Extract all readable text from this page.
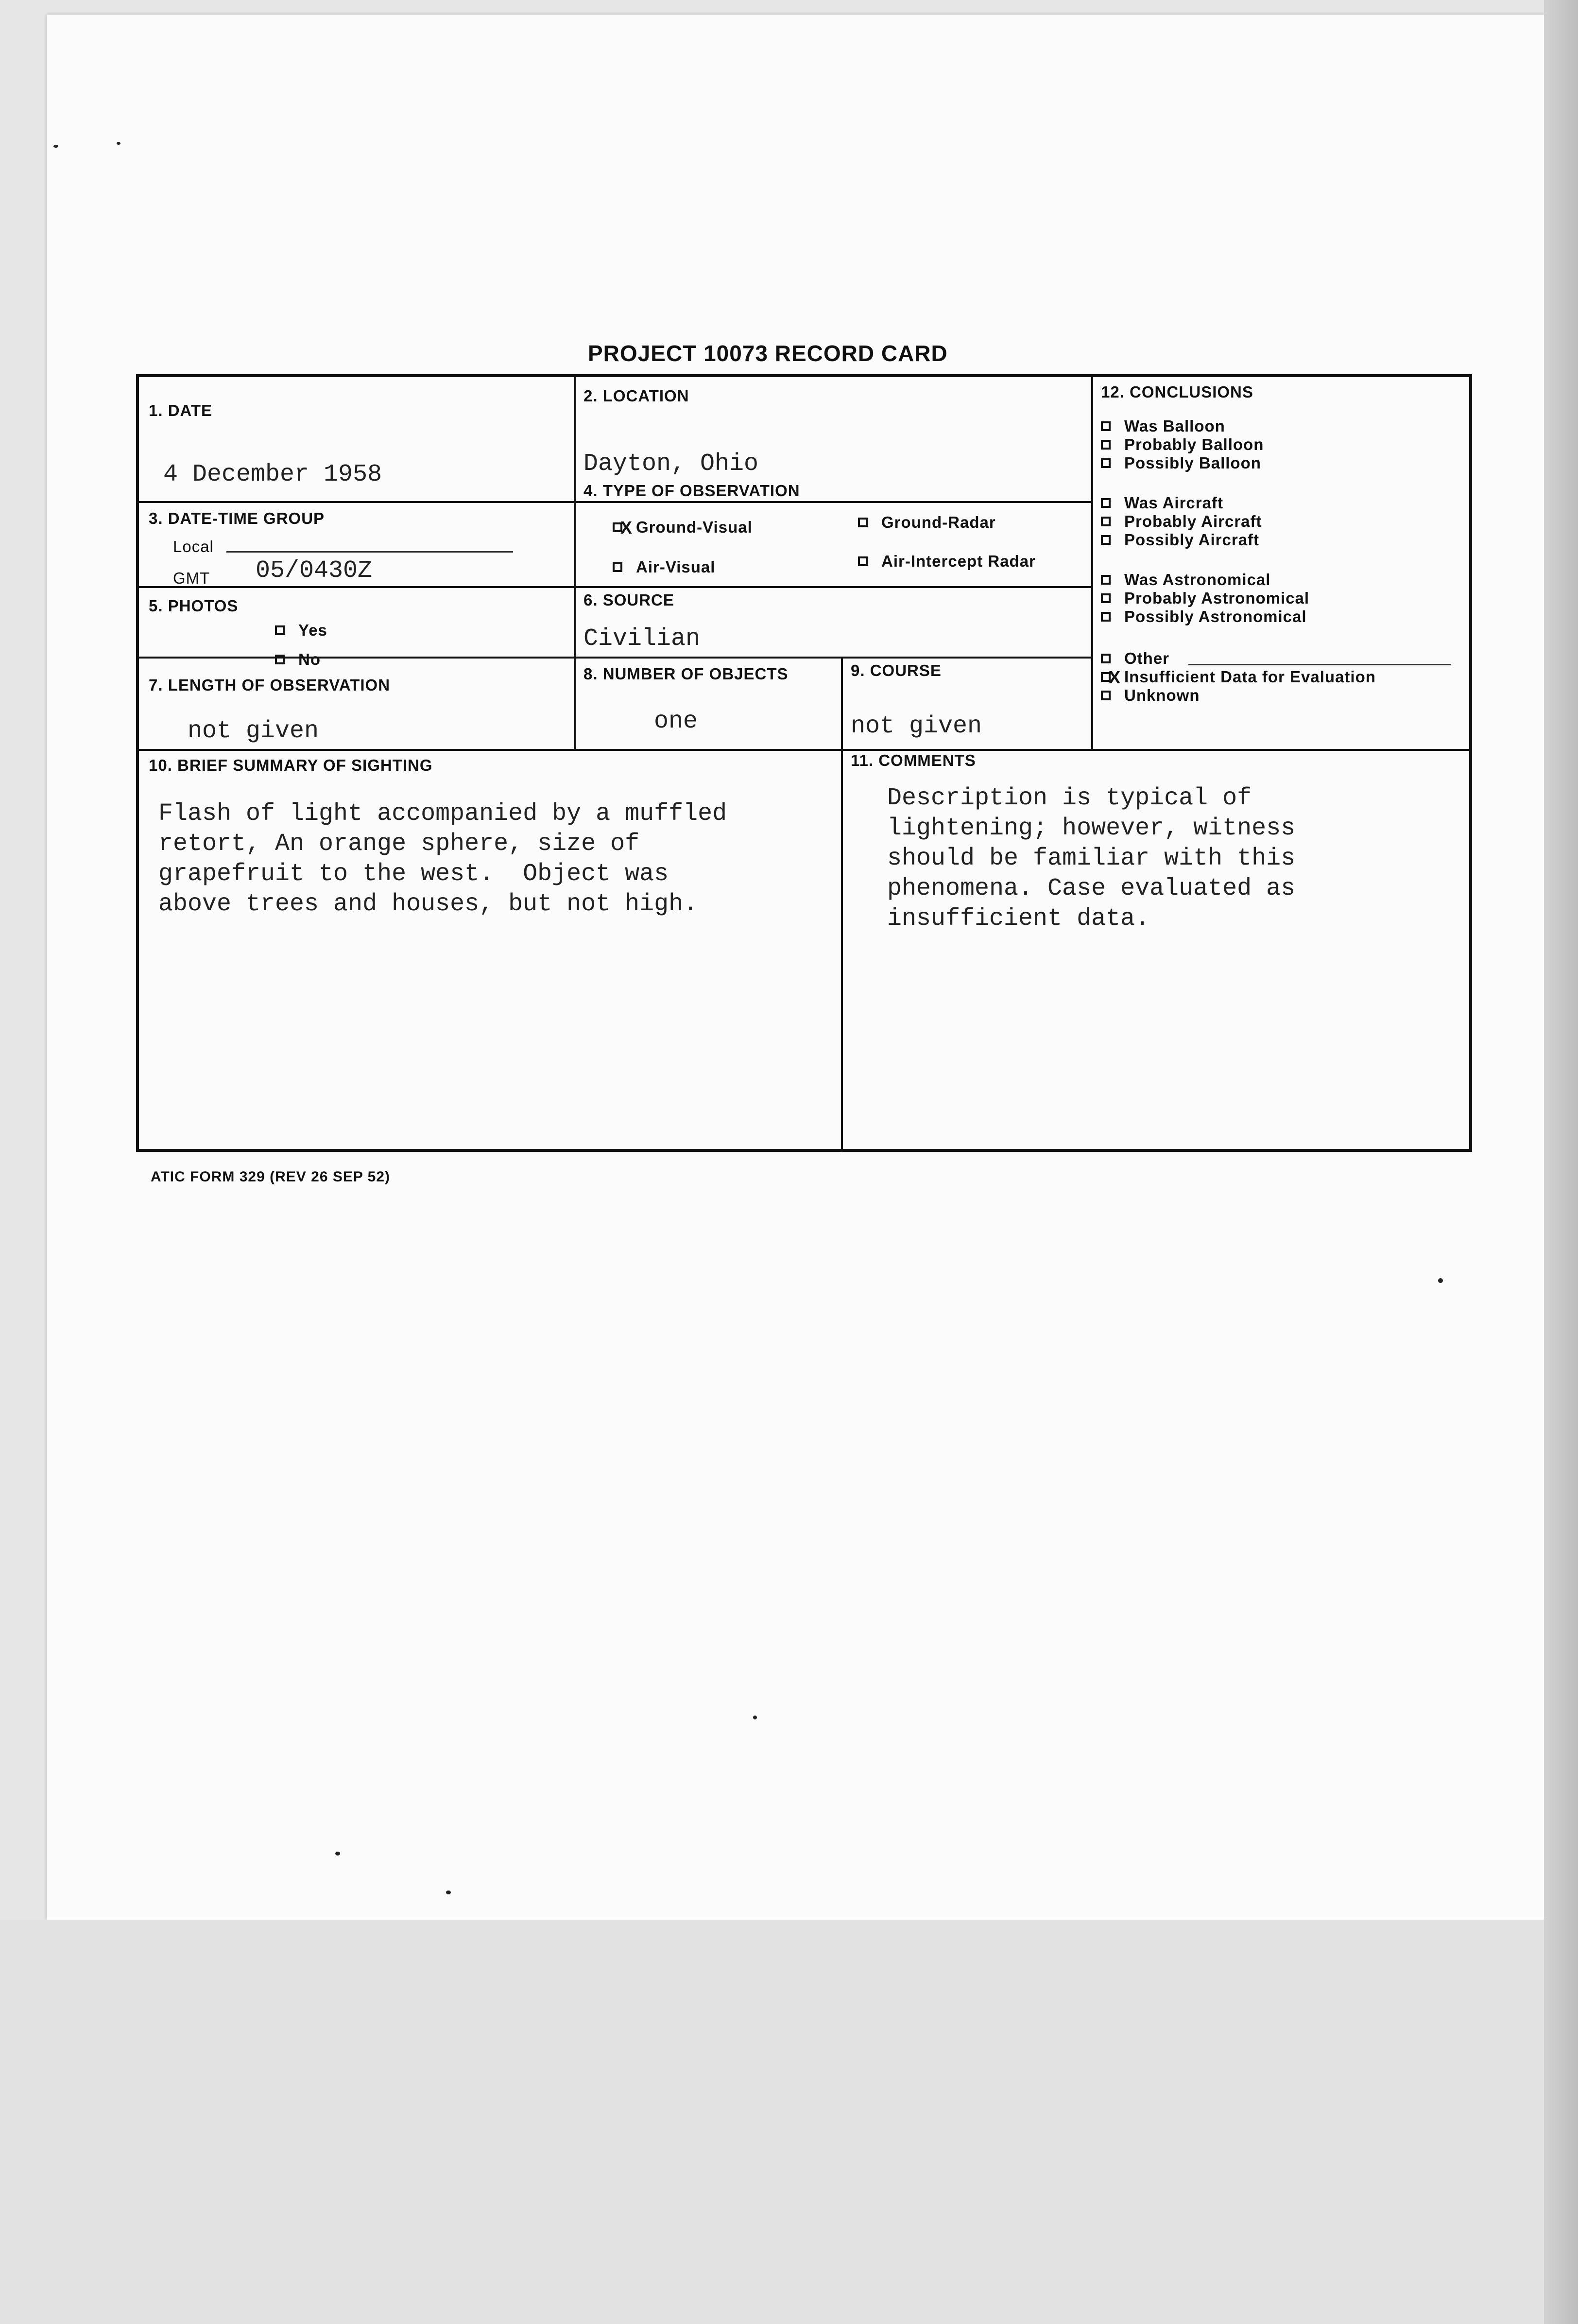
PROJECT 10073 RECORD CARD
1. DATE
4 December 1958
2. LOCATION
Dayton, Ohio
3. DATE-TIME GROUP
Local
GMT 05/0430Z
4. TYPE OF OBSERVATION
X
Ground-Visual	Ground-Radar
Air-Visual	Air-Intercept Radar
5. PHOTOS
Yes
No
6. SOURCE
Civilian
7. LENGTH OF OBSERVATION
not given
8. NUMBER OF OBJECTS
one
9. COURSE
not given
10. BRIEF SUMMARY OF SIGHTING
Flash of light accompanied by a muffled
retort, An orange sphere, size of
grapefruit to the west.  Object was
above trees and houses, but not high.
11. COMMENTS
Description is typical of
lightening; however, witness
should be familiar with this
phenomena. Case evaluated as
insufficient data.
12. CONCLUSIONS
Was Balloon
Probably Balloon
Possibly Balloon
Was Aircraft
Probably Aircraft
Possibly Aircraft
Was Astronomical
Probably Astronomical
Possibly Astronomical
Other
X
Insufficient Data for Evaluation
Unknown
ATIC FORM 329 (REV 26 SEP 52)
